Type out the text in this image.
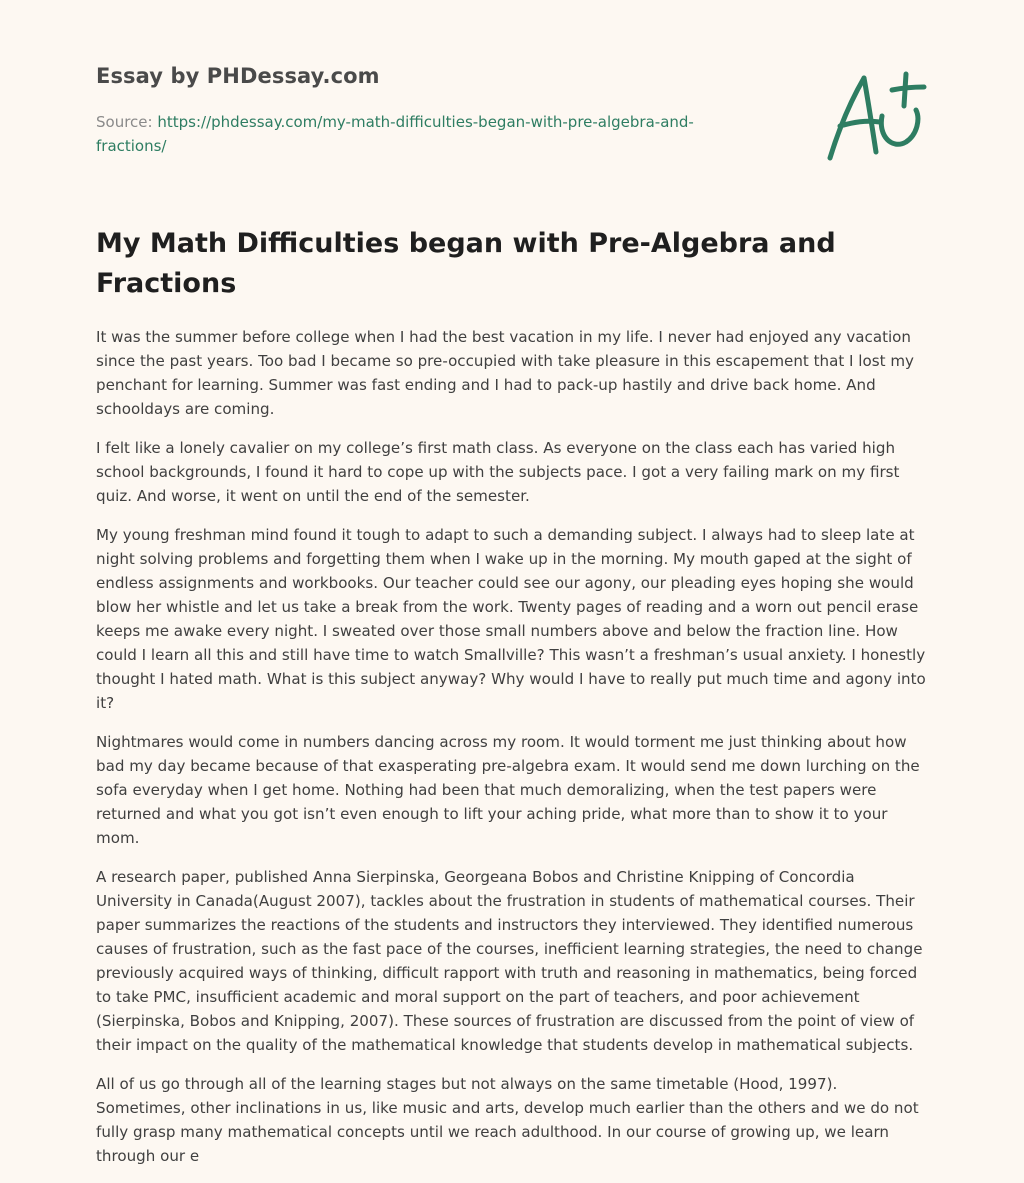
Essay by PHDessay.com
Source: https://phdessay.com/my-math-difficulties-began-with-pre-algebra-and-fractions/
My Math Difficulties began with Pre-Algebra and Fractions

It was the summer before college when I had the best vacation in my life. I never had enjoyed any vacation since the past years. Too bad I became so pre-occupied with take pleasure in this escapement that I lost my penchant for learning. Summer was fast ending and I had to pack-up hastily and drive back home. And schooldays are coming.

I felt like a lonely cavalier on my college’s first math class. As everyone on the class each has varied high school backgrounds, I found it hard to cope up with the subjects pace. I got a very failing mark on my first quiz. And worse, it went on until the end of the semester.

My young freshman mind found it tough to adapt to such a demanding subject. I always had to sleep late at night solving problems and forgetting them when I wake up in the morning. My mouth gaped at the sight of endless assignments and workbooks. Our teacher could see our agony, our pleading eyes hoping she would blow her whistle and let us take a break from the work. Twenty pages of reading and a worn out pencil erase keeps me awake every night. I sweated over those small numbers above and below the fraction line. How could I learn all this and still have time to watch Smallville? This wasn’t a freshman’s usual anxiety. I honestly thought I hated math. What is this subject anyway? Why would I have to really put much time and agony into it?

Nightmares would come in numbers dancing across my room. It would torment me just thinking about how bad my day became because of that exasperating pre-algebra exam. It would send me down lurching on the sofa everyday when I get home. Nothing had been that much demoralizing, when the test papers were returned and what you got isn’t even enough to lift your aching pride, what more than to show it to your mom.

A research paper, published Anna Sierpinska, Georgeana Bobos and Christine Knipping of Concordia University in Canada(August 2007), tackles about the frustration in students of mathematical courses. Their paper summarizes the reactions of the students and instructors they interviewed. They identified numerous causes of frustration, such as the fast pace of the courses, inefficient learning strategies, the need to change previously acquired ways of thinking, difficult rapport with truth and reasoning in mathematics, being forced to take PMC, insufficient academic and moral support on the part of teachers, and poor achievement (Sierpinska, Bobos and Knipping, 2007). These sources of frustration are discussed from the point of view of their impact on the quality of the mathematical knowledge that students develop in mathematical subjects.

All of us go through all of the learning stages but not always on the same timetable (Hood, 1997). Sometimes, other inclinations in us, like music and arts, develop much earlier than the others and we do not fully grasp many mathematical concepts until we reach adulthood. In our course of growing up, we learn through our e
